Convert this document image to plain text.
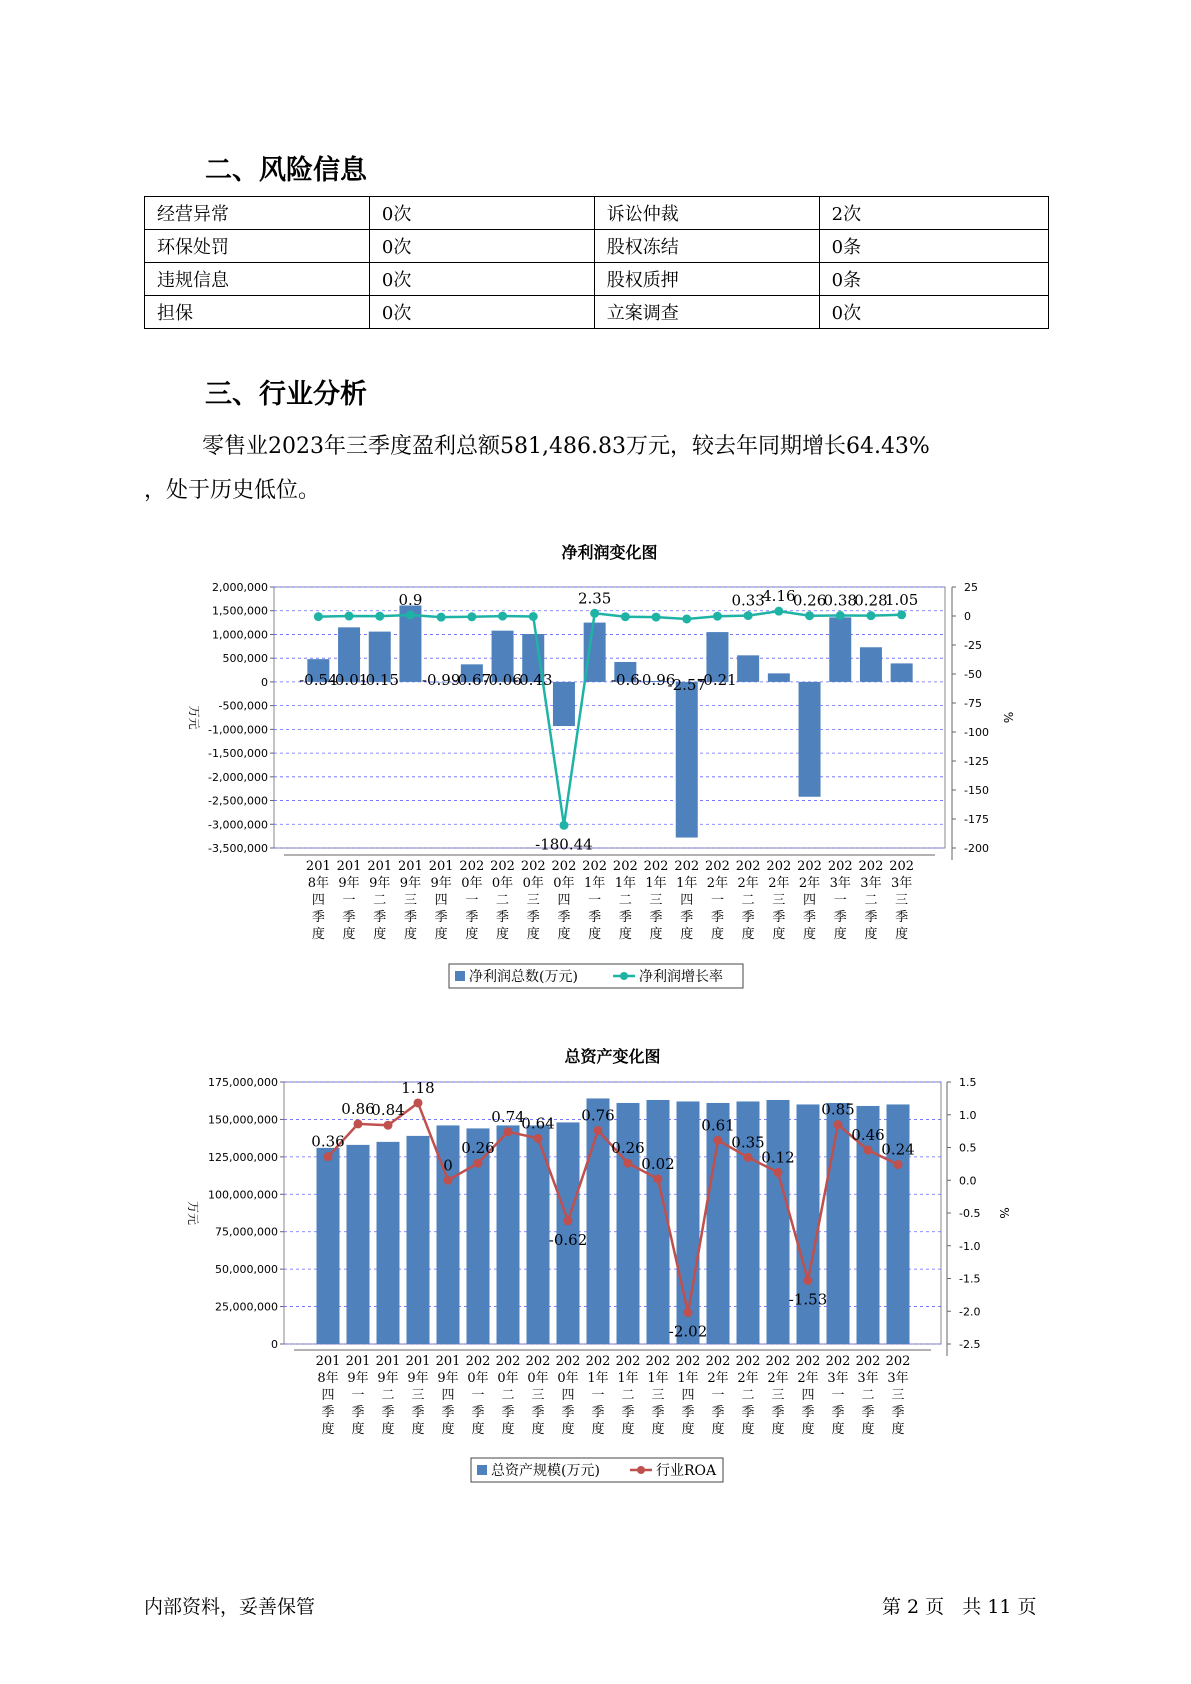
二、风险信息
经营异常	0次	诉讼仲裁	2次
环保处罚	0次	股权冻结	0条
违规信息	0次	股权质押	0条
担保	0次	立案调查	0次
三、行业分析

零售业2023年三季度盈利总额581,486.83万元，较去年同期增长64.43%

，处于历史低位。

净利润变化图
2,000,000
1,500,000
1,000,000
500,000
0
-500,000
-1,000,000
-1,500,000
-2,000,000
-2,500,000
-3,000,000
-3,500,000
25
0
-25
-50
-75
-100
-125
-150
-175
-200
万元	%
-0.54
-0.01
-0.15
0.9
-0.99
-0.67
-0.06
-0.43
-180.44
2.35
-0.6
-0.96
-2.57
-0.21
0.33
4.16
0.26
0.38
0.28
1.05
201
8年
四
季
度
201
9年
一
季
度
201
9年
二
季
度
201
9年
三
季
度
201
9年
四
季
度
202
0年
一
季
度
202
0年
二
季
度
202
0年
三
季
度
202
0年
四
季
度
202
1年
一
季
度
202
1年
二
季
度
202
1年
三
季
度
202
1年
四
季
度
202
2年
一
季
度
202
2年
二
季
度
202
2年
三
季
度
202
2年
四
季
度
202
3年
一
季
度
202
3年
二
季
度
202
3年
三
季
度
净利润总数(万元)	净利润增长率
总资产变化图
175,000,000
150,000,000
125,000,000
100,000,000
75,000,000
50,000,000
25,000,000
0
1.5
1.0
0.5
0.0
-0.5
-1.0
-1.5
-2.0
-2.5
万元	%
0.36
0.86
0.84
1.18
0
0.26
0.74
0.64
-0.62
0.76
0.26
0.02
-2.02
0.61
0.35
0.12
-1.53
0.85
0.46
0.24
201
8年
四
季
度
201
9年
一
季
度
201
9年
二
季
度
201
9年
三
季
度
201
9年
四
季
度
202
0年
一
季
度
202
0年
二
季
度
202
0年
三
季
度
202
0年
四
季
度
202
1年
一
季
度
202
1年
二
季
度
202
1年
三
季
度
202
1年
四
季
度
202
2年
一
季
度
202
2年
二
季
度
202
2年
三
季
度
202
2年
四
季
度
202
3年
一
季
度
202
3年
二
季
度
202
3年
三
季
度
总资产规模(万元)	行业ROA
内部资料，妥善保管	第 2 页   共 11 页
